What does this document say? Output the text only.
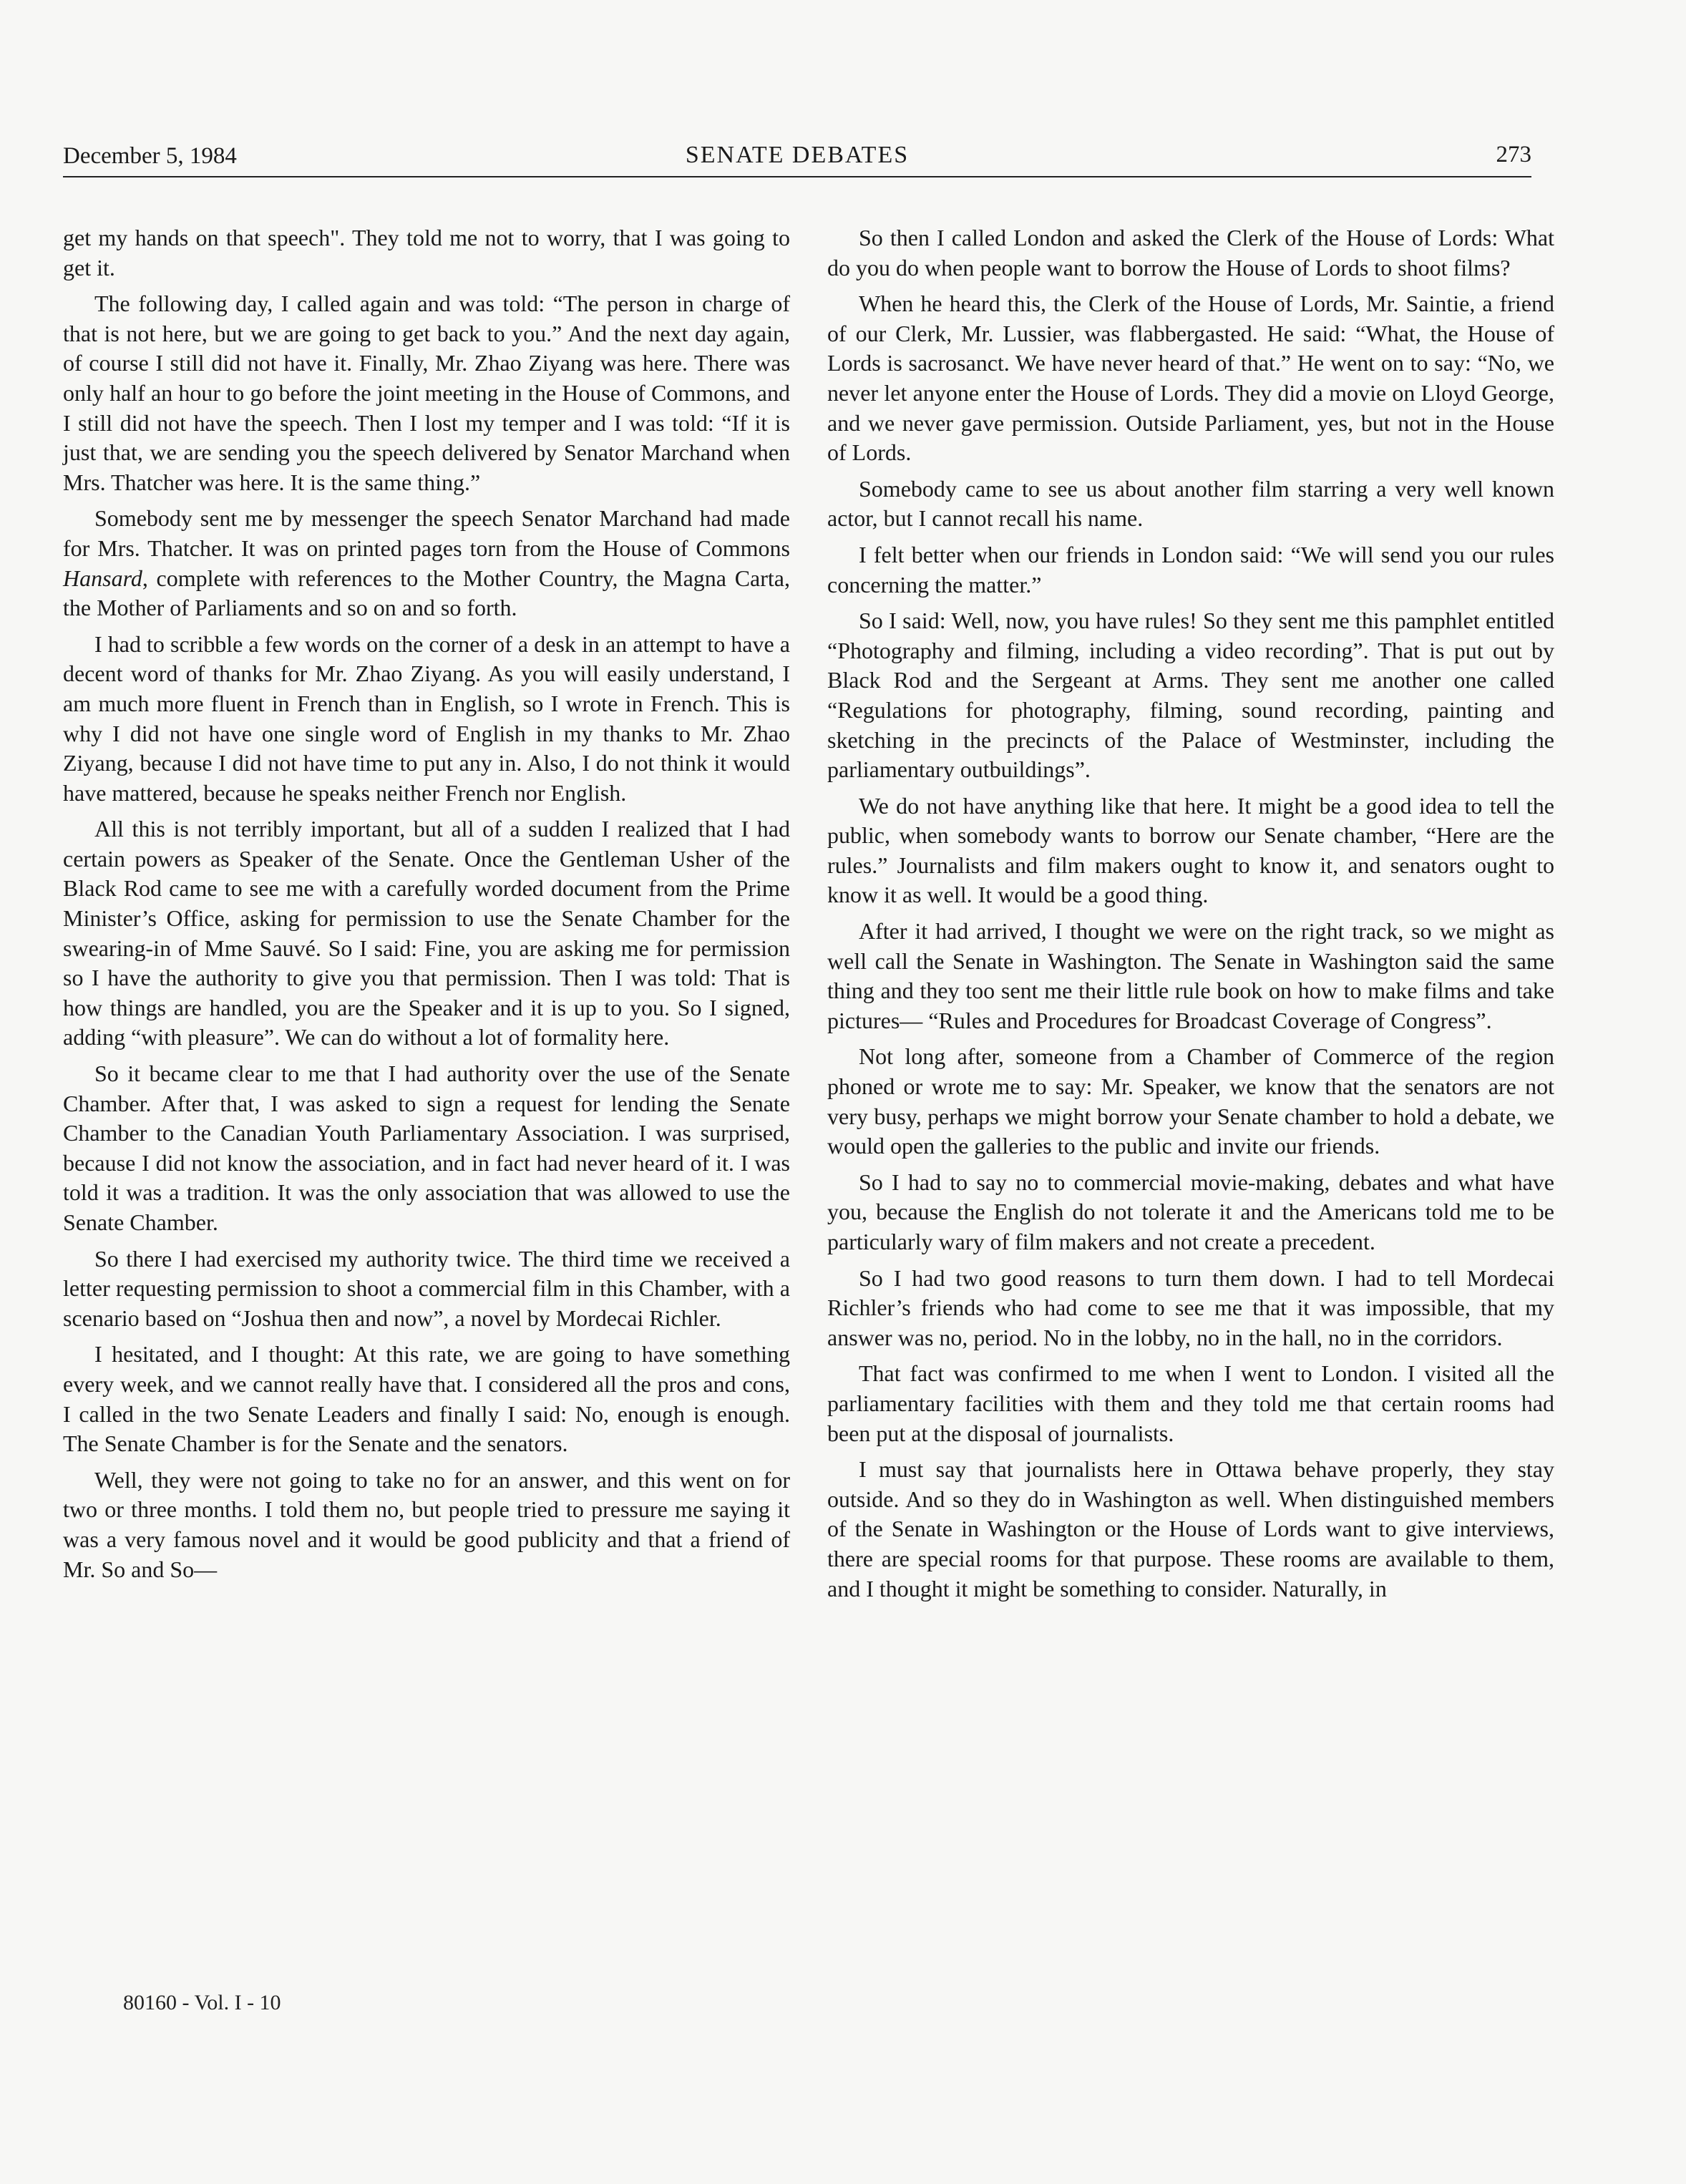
December 5, 1984	SENATE DEBATES	273

get my hands on that speech". They told me not to worry, that I was going to get it.

The following day, I called again and was told: “The person in charge of that is not here, but we are going to get back to you.” And the next day again, of course I still did not have it. Finally, Mr. Zhao Ziyang was here. There was only half an hour to go before the joint meeting in the House of Commons, and I still did not have the speech. Then I lost my temper and I was told: “If it is just that, we are sending you the speech delivered by Senator Marchand when Mrs. Thatcher was here. It is the same thing.”

Somebody sent me by messenger the speech Senator Marchand had made for Mrs. Thatcher. It was on printed pages torn from the House of Commons Hansard, complete with references to the Mother Country, the Magna Carta, the Mother of Parliaments and so on and so forth.

I had to scribble a few words on the corner of a desk in an attempt to have a decent word of thanks for Mr. Zhao Ziyang. As you will easily understand, I am much more fluent in French than in English, so I wrote in French. This is why I did not have one single word of English in my thanks to Mr. Zhao Ziyang, because I did not have time to put any in. Also, I do not think it would have mattered, because he speaks neither French nor English.

All this is not terribly important, but all of a sudden I realized that I had certain powers as Speaker of the Senate. Once the Gentleman Usher of the Black Rod came to see me with a carefully worded document from the Prime Minister’s Office, asking for permission to use the Senate Chamber for the swearing-in of Mme Sauvé. So I said: Fine, you are asking me for permission so I have the authority to give you that permission. Then I was told: That is how things are handled, you are the Speaker and it is up to you. So I signed, adding “with pleasure”. We can do without a lot of formality here.

So it became clear to me that I had authority over the use of the Senate Chamber. After that, I was asked to sign a request for lending the Senate Chamber to the Canadian Youth Parliamentary Association. I was surprised, because I did not know the association, and in fact had never heard of it. I was told it was a tradition. It was the only association that was allowed to use the Senate Chamber.

So there I had exercised my authority twice. The third time we received a letter requesting permission to shoot a commercial film in this Chamber, with a scenario based on “Joshua then and now”, a novel by Mordecai Richler.

I hesitated, and I thought: At this rate, we are going to have something every week, and we cannot really have that. I considered all the pros and cons, I called in the two Senate Leaders and finally I said: No, enough is enough. The Senate Chamber is for the Senate and the senators.

Well, they were not going to take no for an answer, and this went on for two or three months. I told them no, but people tried to pressure me saying it was a very famous novel and it would be good publicity and that a friend of Mr. So and So—

So then I called London and asked the Clerk of the House of Lords: What do you do when people want to borrow the House of Lords to shoot films?

When he heard this, the Clerk of the House of Lords, Mr. Saintie, a friend of our Clerk, Mr. Lussier, was flabbergasted. He said: “What, the House of Lords is sacrosanct. We have never heard of that.” He went on to say: “No, we never let anyone enter the House of Lords. They did a movie on Lloyd George, and we never gave permission. Outside Parliament, yes, but not in the House of Lords.

Somebody came to see us about another film starring a very well known actor, but I cannot recall his name.

I felt better when our friends in London said: “We will send you our rules concerning the matter.”

So I said: Well, now, you have rules! So they sent me this pamphlet entitled “Photography and filming, including a video recording”. That is put out by Black Rod and the Sergeant at Arms. They sent me another one called “Regulations for photography, filming, sound recording, painting and sketching in the precincts of the Palace of Westminster, including the parliamentary outbuildings”.

We do not have anything like that here. It might be a good idea to tell the public, when somebody wants to borrow our Senate chamber, “Here are the rules.” Journalists and film makers ought to know it, and senators ought to know it as well. It would be a good thing.

After it had arrived, I thought we were on the right track, so we might as well call the Senate in Washington. The Senate in Washington said the same thing and they too sent me their little rule book on how to make films and take pictures— “Rules and Procedures for Broadcast Coverage of Congress”.

Not long after, someone from a Chamber of Commerce of the region phoned or wrote me to say: Mr. Speaker, we know that the senators are not very busy, perhaps we might borrow your Senate chamber to hold a debate, we would open the galleries to the public and invite our friends.

So I had to say no to commercial movie-making, debates and what have you, because the English do not tolerate it and the Americans told me to be particularly wary of film makers and not create a precedent.

So I had two good reasons to turn them down. I had to tell Mordecai Richler’s friends who had come to see me that it was impossible, that my answer was no, period. No in the lobby, no in the hall, no in the corridors.

That fact was confirmed to me when I went to London. I visited all the parliamentary facilities with them and they told me that certain rooms had been put at the disposal of journalists.

I must say that journalists here in Ottawa behave properly, they stay outside. And so they do in Washington as well. When distinguished members of the Senate in Washington or the House of Lords want to give interviews, there are special rooms for that purpose. These rooms are available to them, and I thought it might be something to consider. Naturally, in

80160 - Vol. I - 10
